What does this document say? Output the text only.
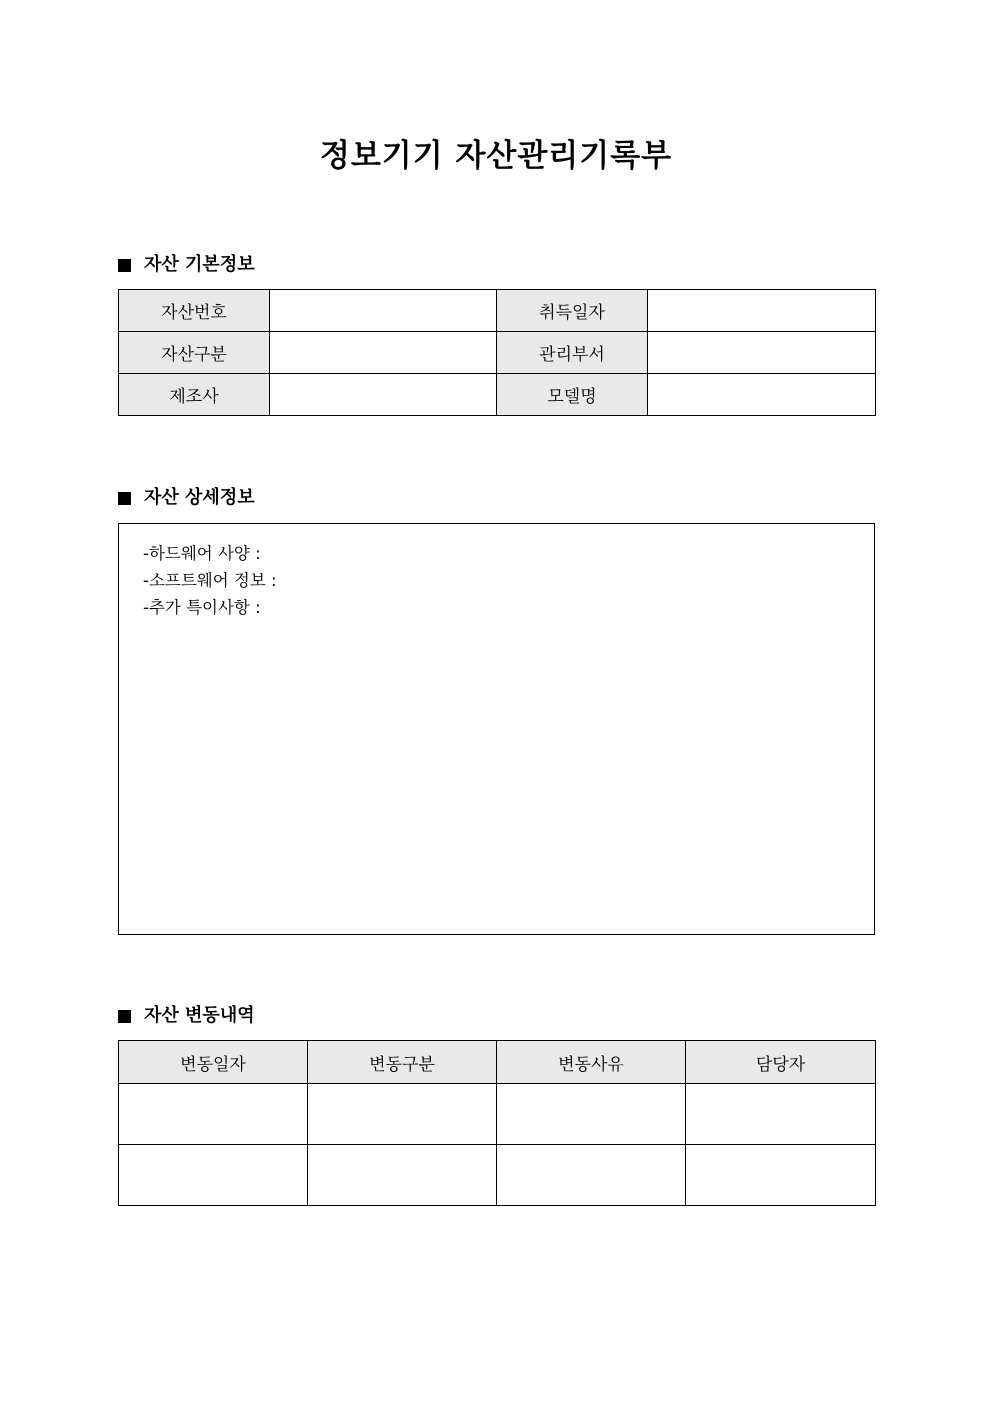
정보기기 자산관리기록부
자산 기본정보
자산번호		취득일자	
자산구분		관리부서	
제조사		모델명	
자산 상세정보
-하드웨어 사양 :
-소프트웨어 정보 :
-추가 특이사항 :
자산 변동내역
변동일자	변동구분	변동사유	담당자
